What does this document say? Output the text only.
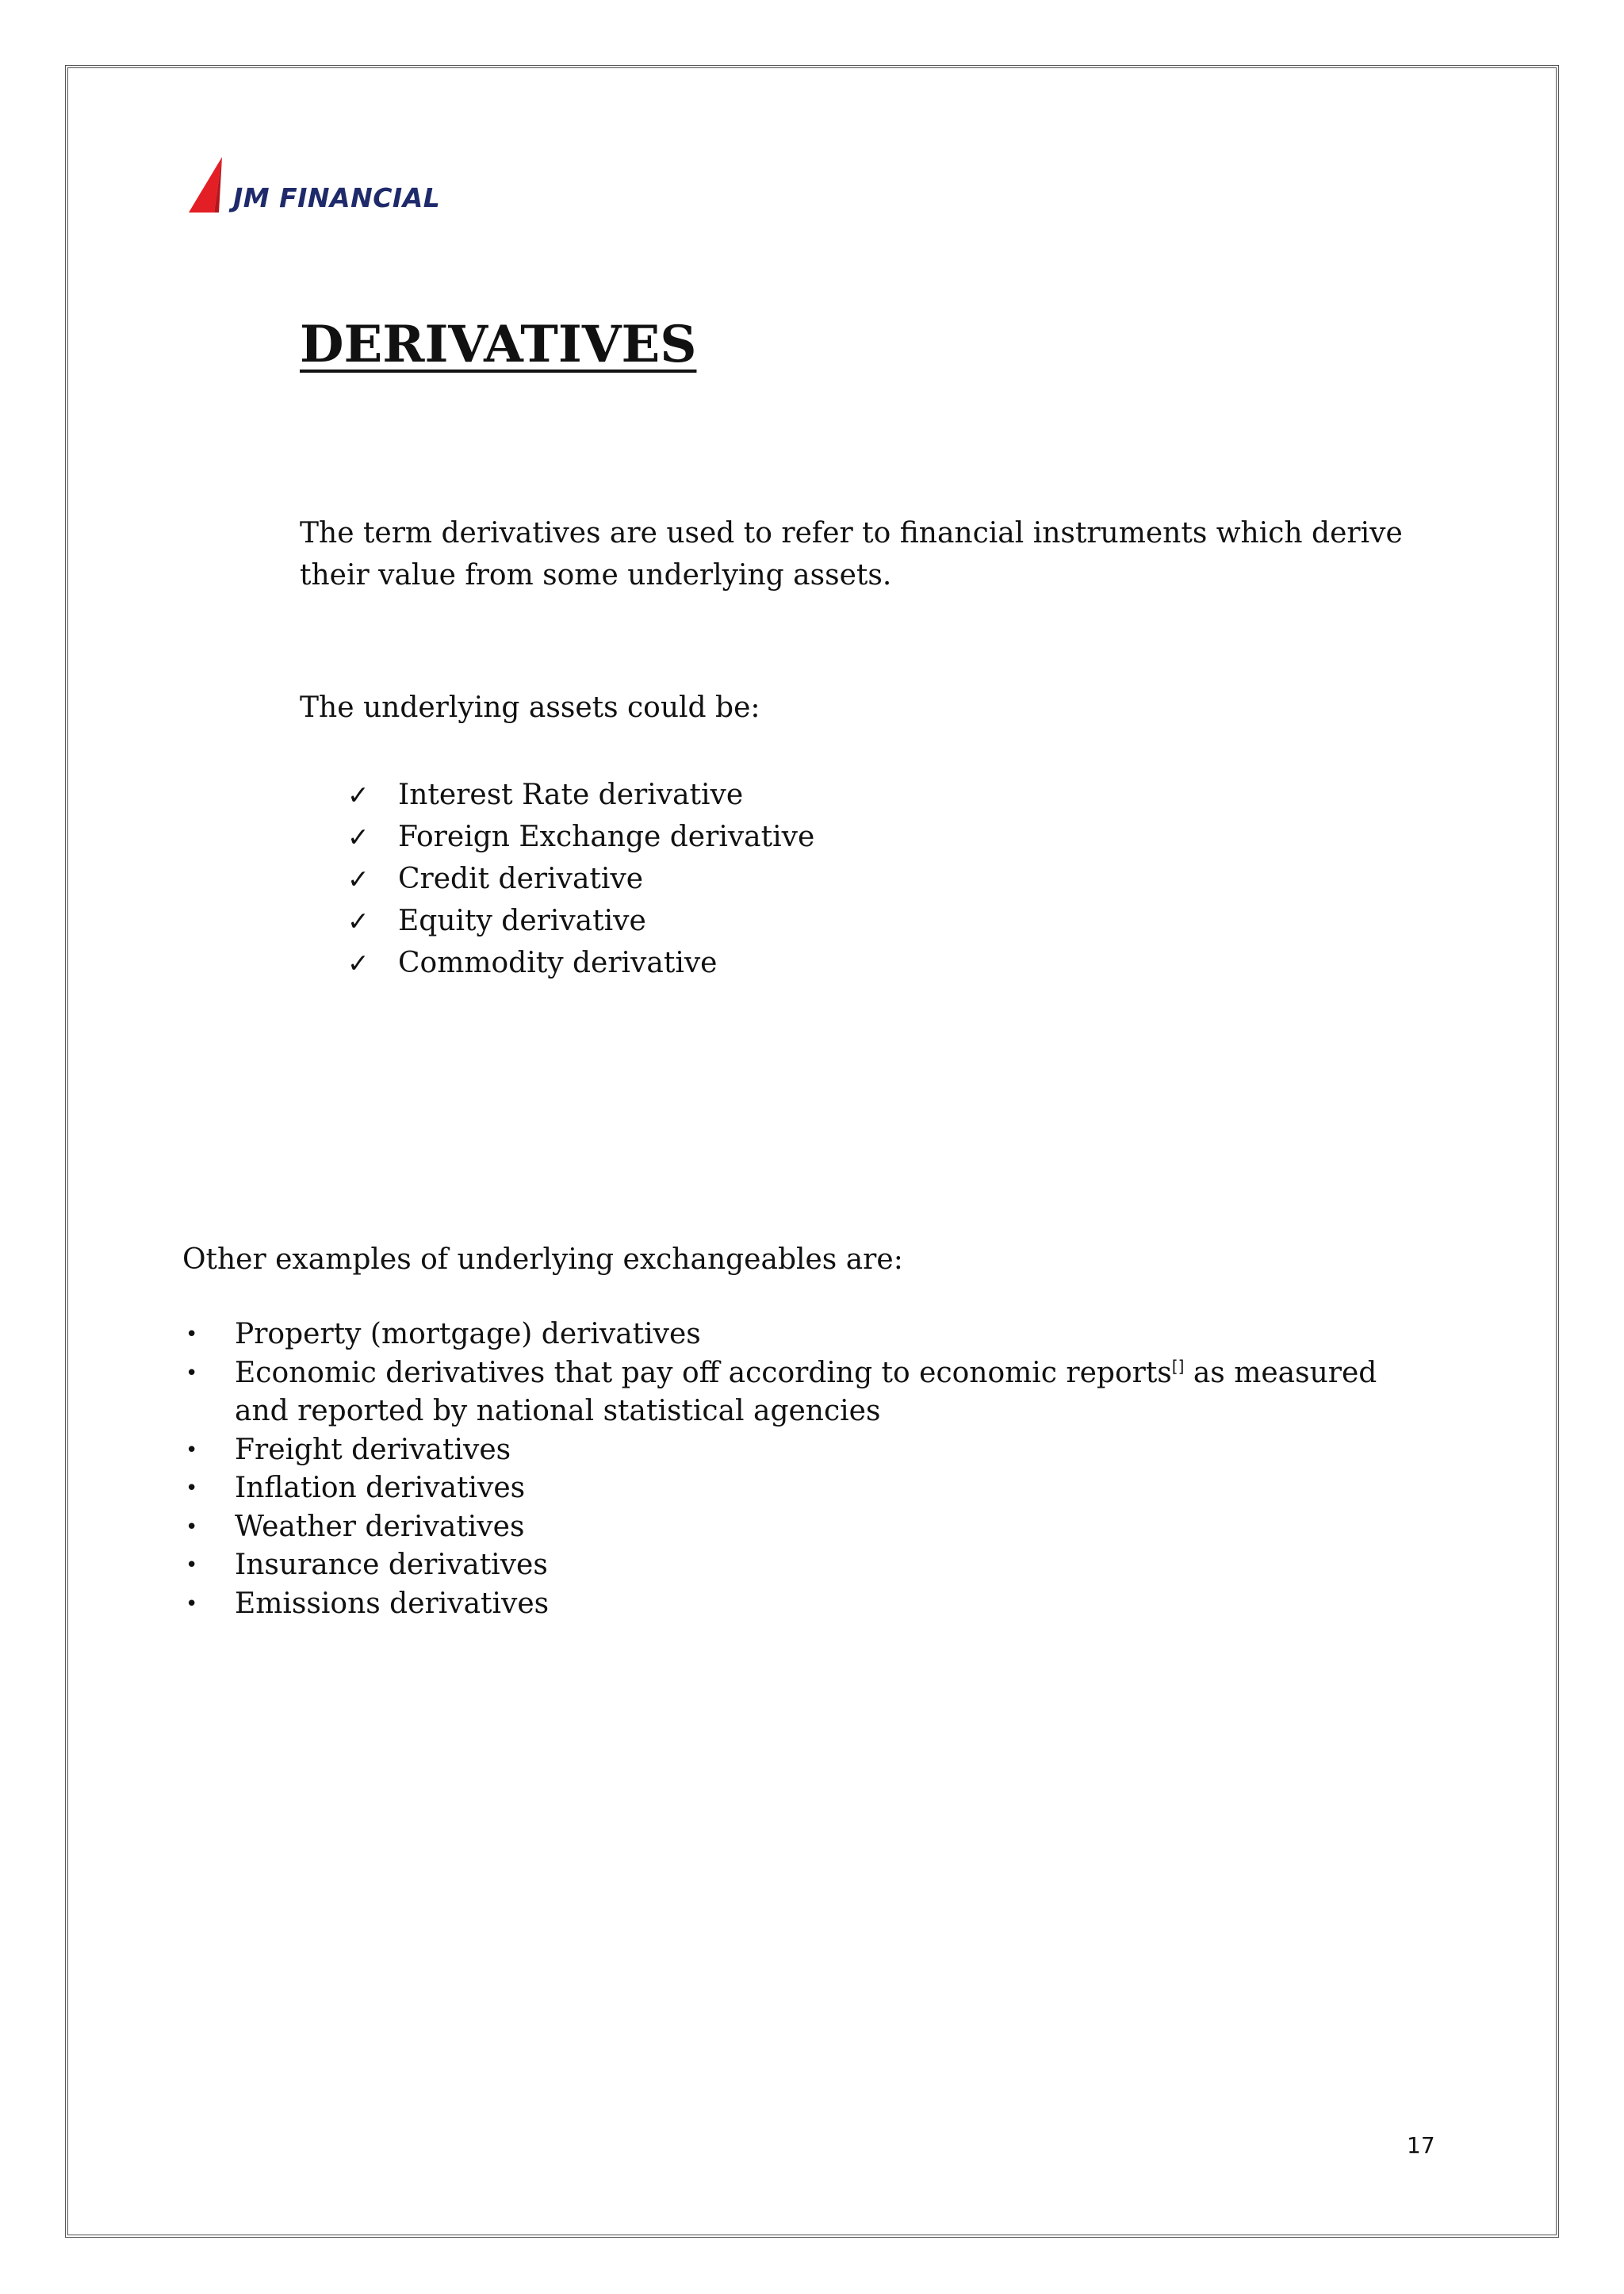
JM FINANCIAL
DERIVATIVES

The term derivatives are used to refer to financial instruments which derive their value from some underlying assets.

The underlying assets could be:

✓	Interest Rate derivative
✓	Foreign Exchange derivative
✓	Credit derivative
✓	Equity derivative
✓	Commodity derivative

Other examples of underlying exchangeables are:

•	Property (mortgage) derivatives
•	Economic derivatives that pay off according to economic reports[] as measured and reported by national statistical agencies
•	Freight derivatives
•	Inflation derivatives
•	Weather derivatives
•	Insurance derivatives
•	Emissions derivatives
17
